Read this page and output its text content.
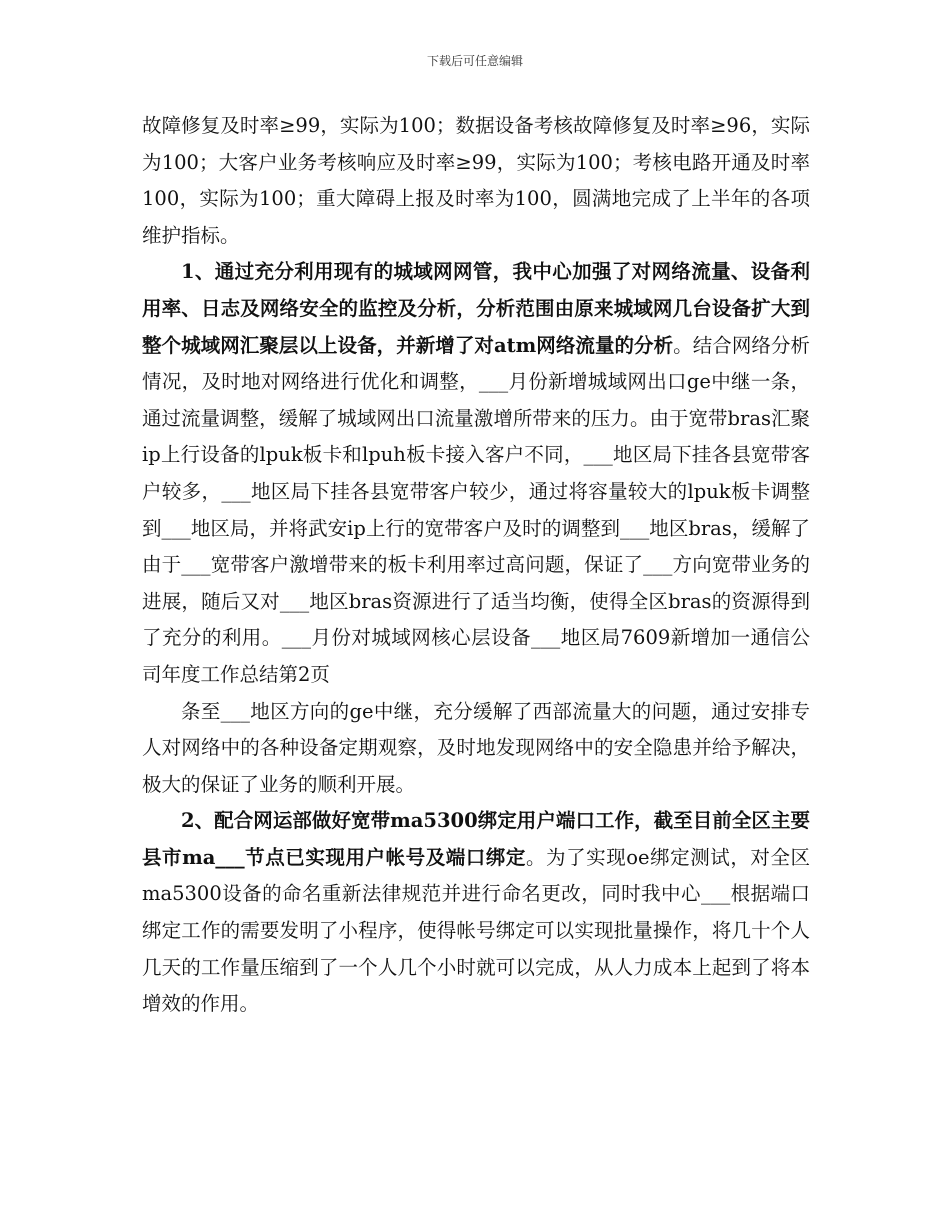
下载后可任意编辑

故障修复及时率≥99，实际为100；数据设备考核故障修复及时率≥96，实际为100；大客户业务考核响应及时率≥99，实际为100；考核电路开通及时率100，实际为100；重大障碍上报及时率为100，圆满地完成了上半年的各项维护指标。

1、通过充分利用现有的城域网网管，我中心加强了对网络流量、设备利用率、日志及网络安全的监控及分析，分析范围由原来城域网几台设备扩大到整个城域网汇聚层以上设备，并新增了对atm网络流量的分析。结合网络分析情况，及时地对网络进行优化和调整，___月份新增城域网出口ge中继一条，通过流量调整，缓解了城域网出口流量激增所带来的压力。由于宽带bras汇聚ip上行设备的lpuk板卡和lpuh板卡接入客户不同，___地区局下挂各县宽带客户较多，___地区局下挂各县宽带客户较少，通过将容量较大的lpuk板卡调整到___地区局，并将武安ip上行的宽带客户及时的调整到___地区bras，缓解了由于___宽带客户激增带来的板卡利用率过高问题，保证了___方向宽带业务的进展，随后又对___地区bras资源进行了适当均衡，使得全区bras的资源得到了充分的利用。___月份对城域网核心层设备___地区局7609新增加一通信公司年度工作总结第2页

条至___地区方向的ge中继，充分缓解了西部流量大的问题，通过安排专人对网络中的各种设备定期观察，及时地发现网络中的安全隐患并给予解决，极大的保证了业务的顺利开展。

2、配合网运部做好宽带ma5300绑定用户端口工作，截至目前全区主要县市ma___节点已实现用户帐号及端口绑定。为了实现oe绑定测试，对全区ma5300设备的命名重新法律规范并进行命名更改，同时我中心___根据端口绑定工作的需要发明了小程序，使得帐号绑定可以实现批量操作，将几十个人几天的工作量压缩到了一个人几个小时就可以完成，从人力成本上起到了将本增效的作用。
